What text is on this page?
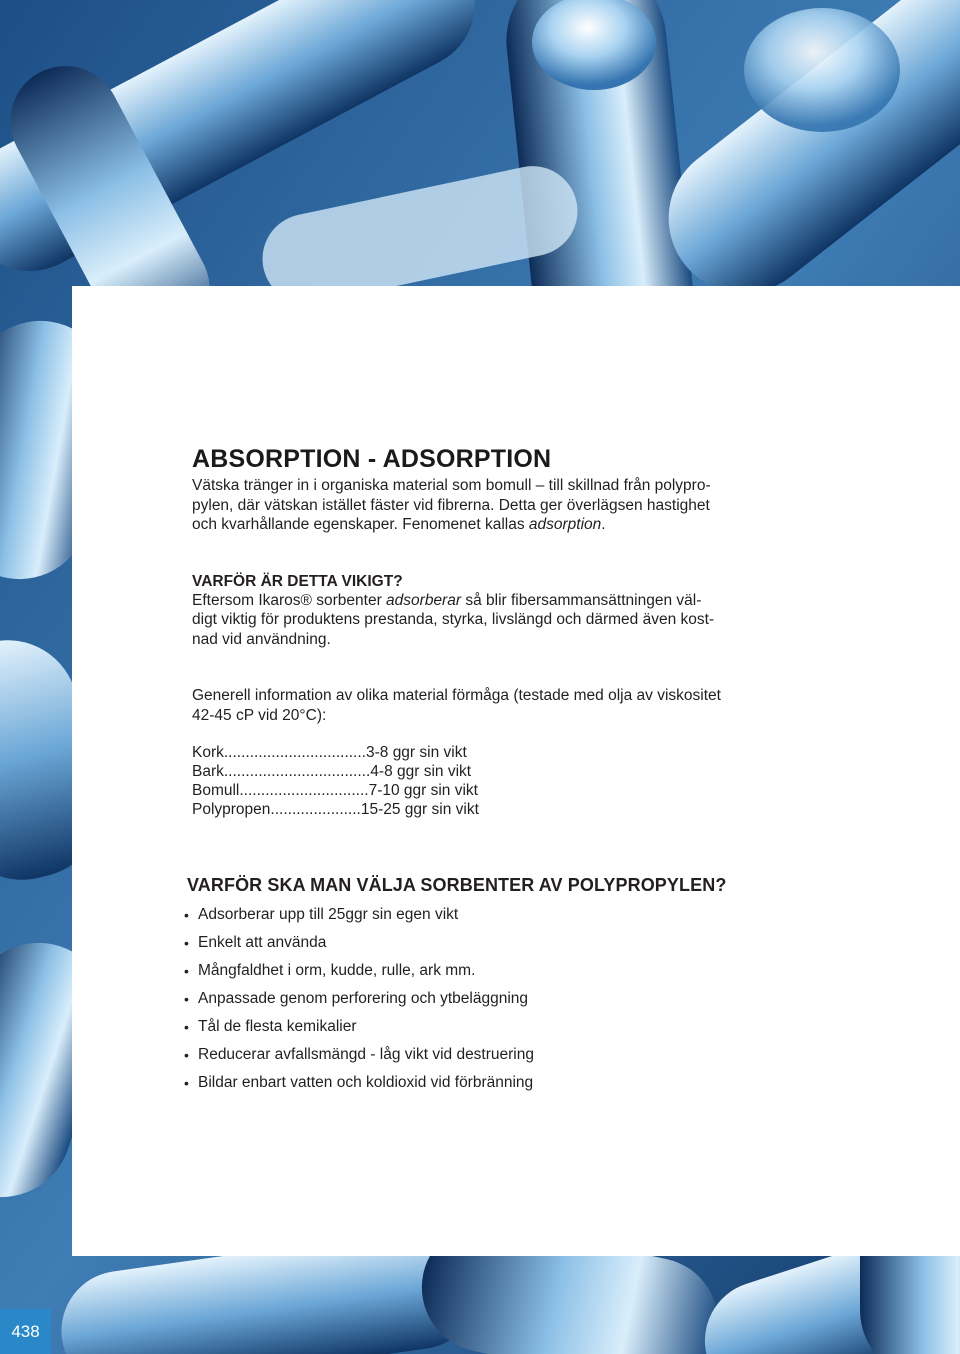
ABSORPTION - ADSORPTION

Vätska tränger in i organiska material som bomull – till skillnad från polypro-
pylen, där vätskan istället fäster vid fibrerna. Detta ger överlägsen hastighet
och kvarhållande egenskaper. Fenomenet kallas adsorption.

VARFÖR ÄR DETTA VIKIGT?

Eftersom Ikaros® sorbenter adsorberar så blir fibersammansättningen väl-
digt viktig för produktens prestanda, styrka, livslängd och därmed även kost-
nad vid användning.

Generell information av olika material förmåga (testade med olja av viskositet
42-45 cP vid 20°C):

Kork.................................3-8 ggr sin vikt
Bark..................................4-8 ggr sin vikt
Bomull..............................7-10 ggr sin vikt
Polypropen.....................15-25 ggr sin vikt
VARFÖR SKA MAN VÄLJA SORBENTER AV POLYPROPYLEN?
• Adsorberar upp till 25ggr sin egen vikt
• Enkelt att använda
• Mångfaldhet i orm, kudde, rulle, ark mm.
• Anpassade genom perforering och ytbeläggning
• Tål de flesta kemikalier
• Reducerar avfallsmängd - låg vikt vid destruering
• Bildar enbart vatten och koldioxid vid förbränning
438
